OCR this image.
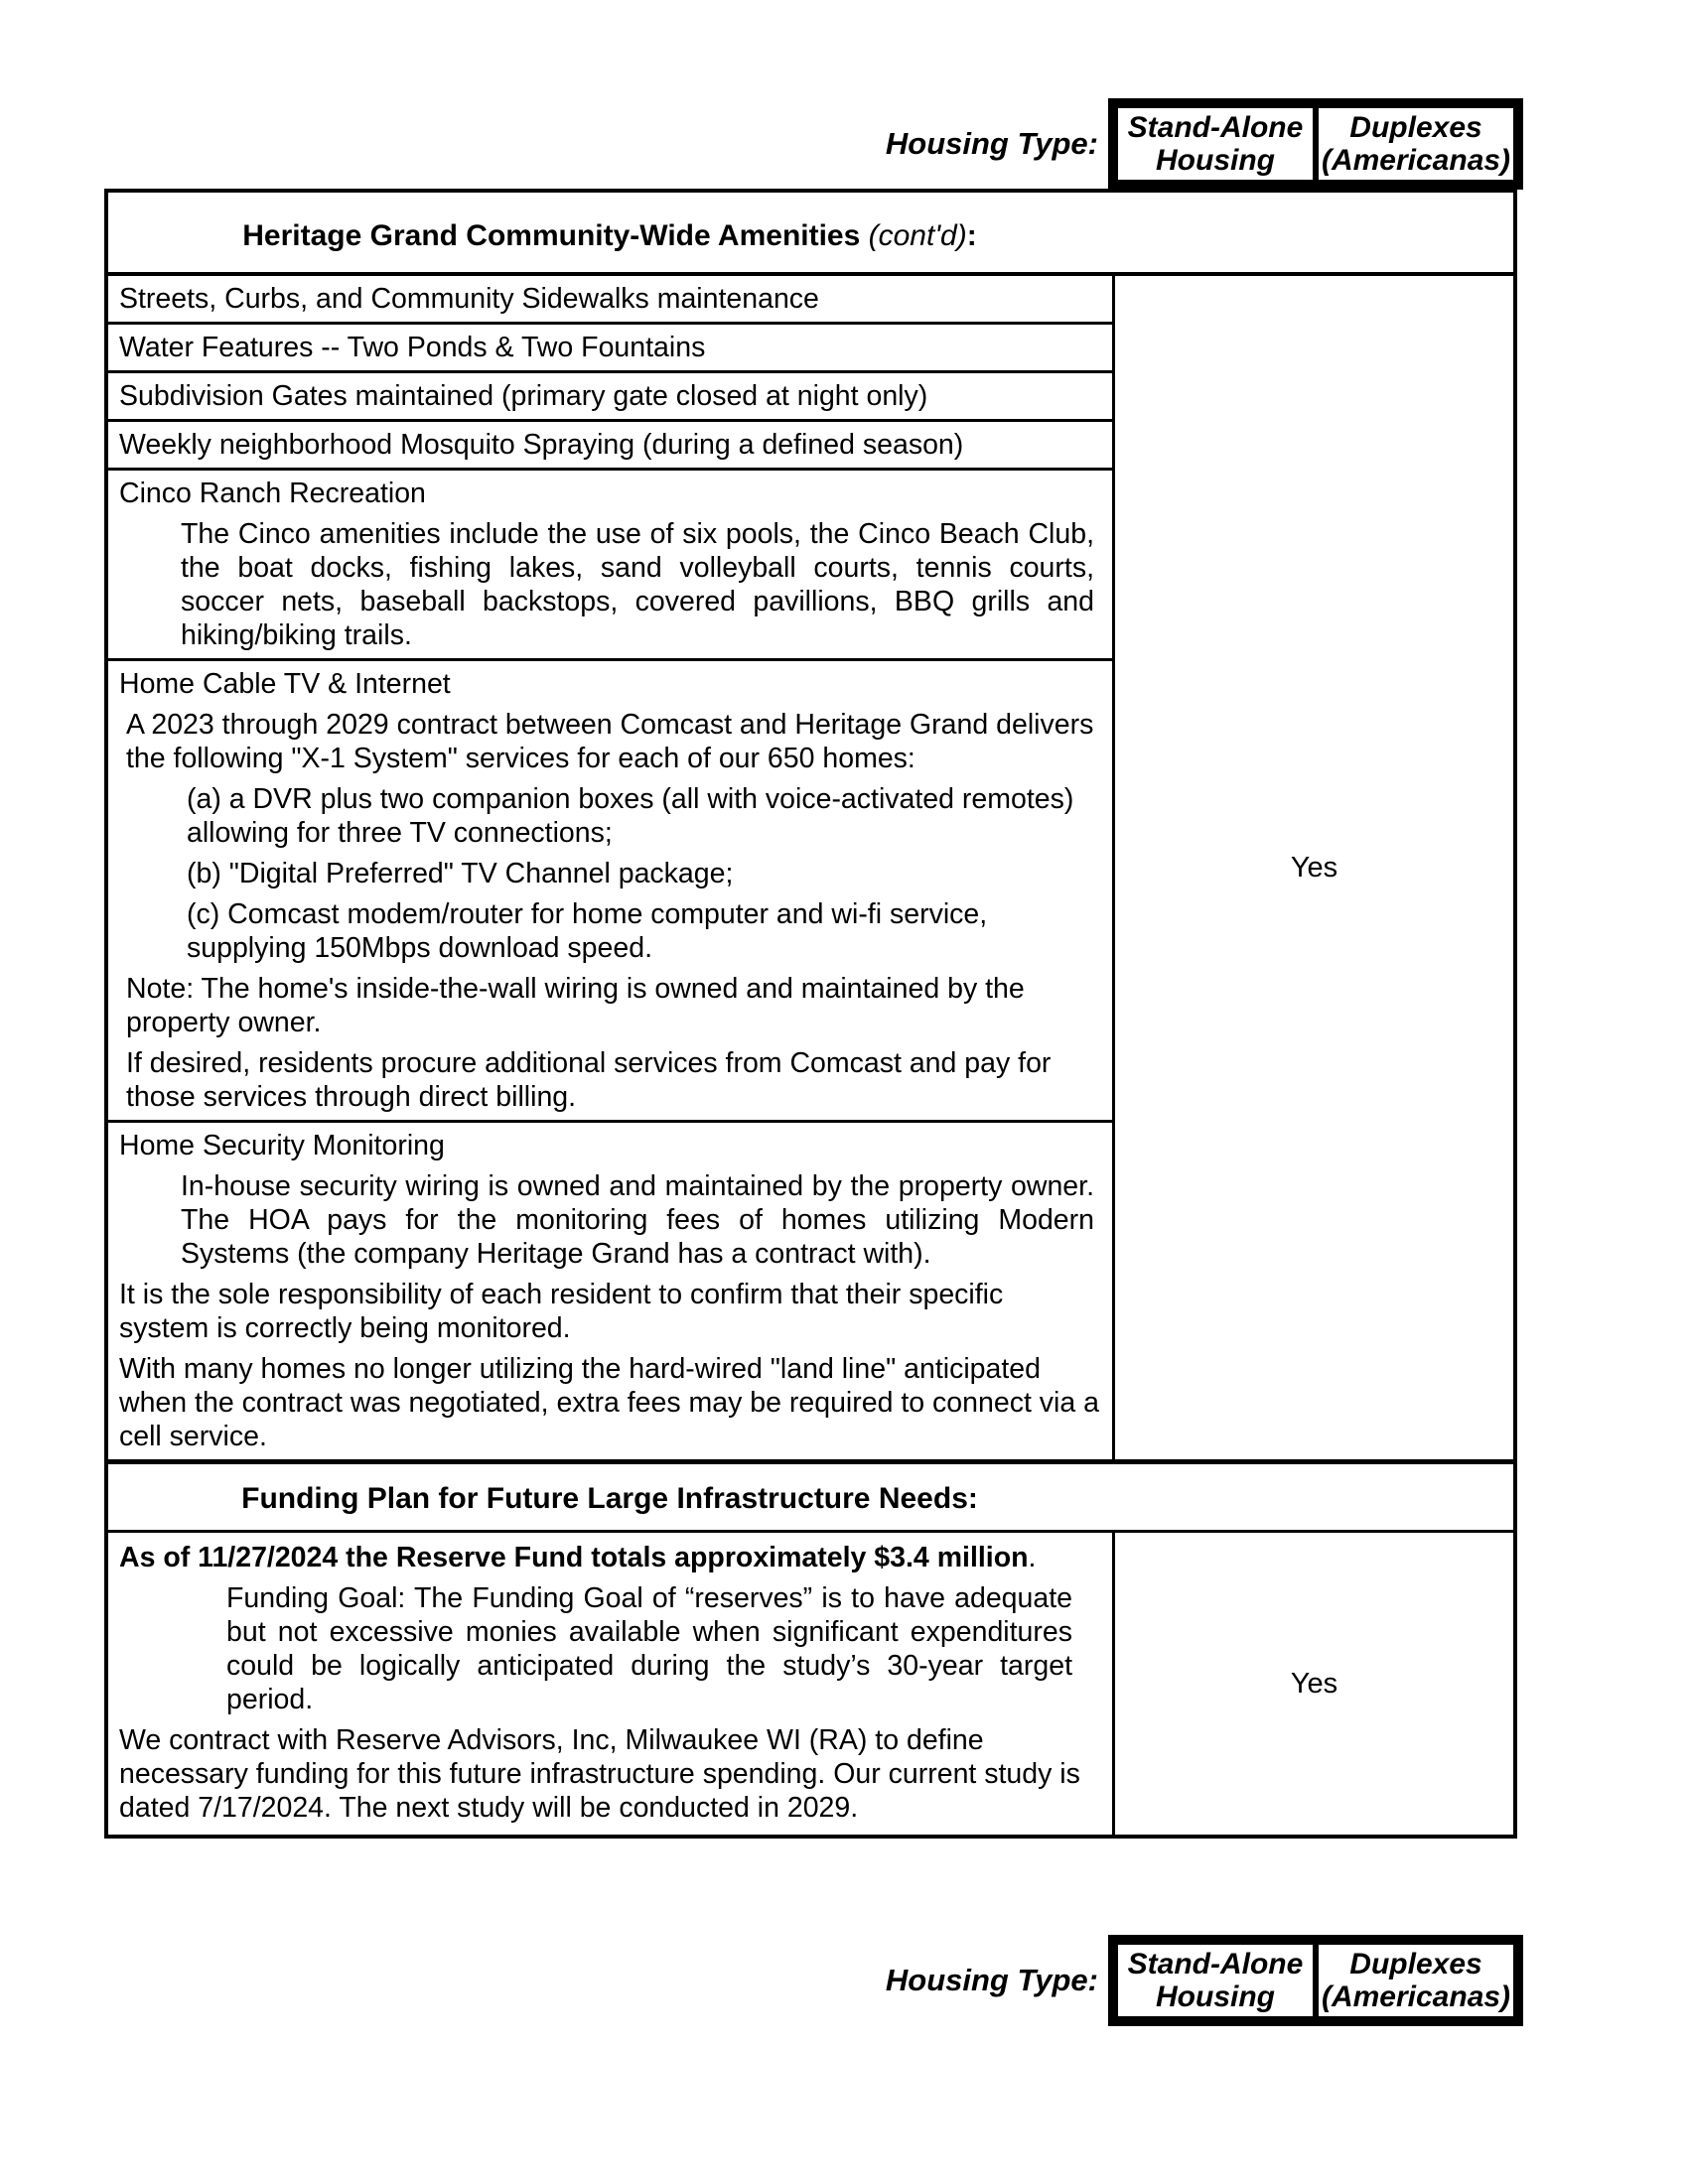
Housing Type: Stand-Alone
Housing
Duplexes
(Americanas)
Heritage Grand Community-Wide Amenities (cont'd):
Streets, Curbs, and Community Sidewalks maintenance
Water Features -- Two Ponds & Two Fountains
Subdivision Gates maintained (primary gate closed at night only)
Weekly neighborhood Mosquito Spraying (during a defined season)

Cinco Ranch Recreation

The Cinco amenities include the use of six pools, the Cinco Beach Club, the boat docks, fishing lakes, sand volleyball courts, tennis courts, soccer nets, baseball backstops, covered pavillions, BBQ grills and hiking/biking trails.

Home Cable TV & Internet

A 2023 through 2029 contract between Comcast and Heritage Grand delivers the following "X-1 System" services for each of our 650 homes:

(a) a DVR plus two companion boxes (all with voice-activated remotes) allowing for three TV connections;

(b) "Digital Preferred" TV Channel package;

(c) Comcast modem/router for home computer and wi-fi service, supplying 150Mbps download speed.

Note: The home's inside-the-wall wiring is owned and maintained by the property owner.

If desired, residents procure additional services from Comcast and pay for those services through direct billing.

Home Security Monitoring

In-house security wiring is owned and maintained by the property owner. The HOA pays for the monitoring fees of homes utilizing Modern Systems (the company Heritage Grand has a contract with).

It is the sole responsibility of each resident to confirm that their specific system is correctly being monitored.

With many homes no longer utilizing the hard-wired "land line" anticipated when the contract was negotiated, extra fees may be required to connect via a cell service.

Yes
Funding Plan for Future Large Infrastructure Needs:

As of 11/27/2024 the Reserve Fund totals approximately $3.4 million.

Funding Goal: The Funding Goal of “reserves” is to have adequate but not excessive monies available when significant expenditures could be logically anticipated during the study’s 30-year target period.

We contract with Reserve Advisors, Inc, Milwaukee WI (RA) to define necessary funding for this future infrastructure spending. Our current study is dated 7/17/2024. The next study will be conducted in 2029.

Yes
Housing Type: Stand-Alone
Housing
Duplexes
(Americanas)
